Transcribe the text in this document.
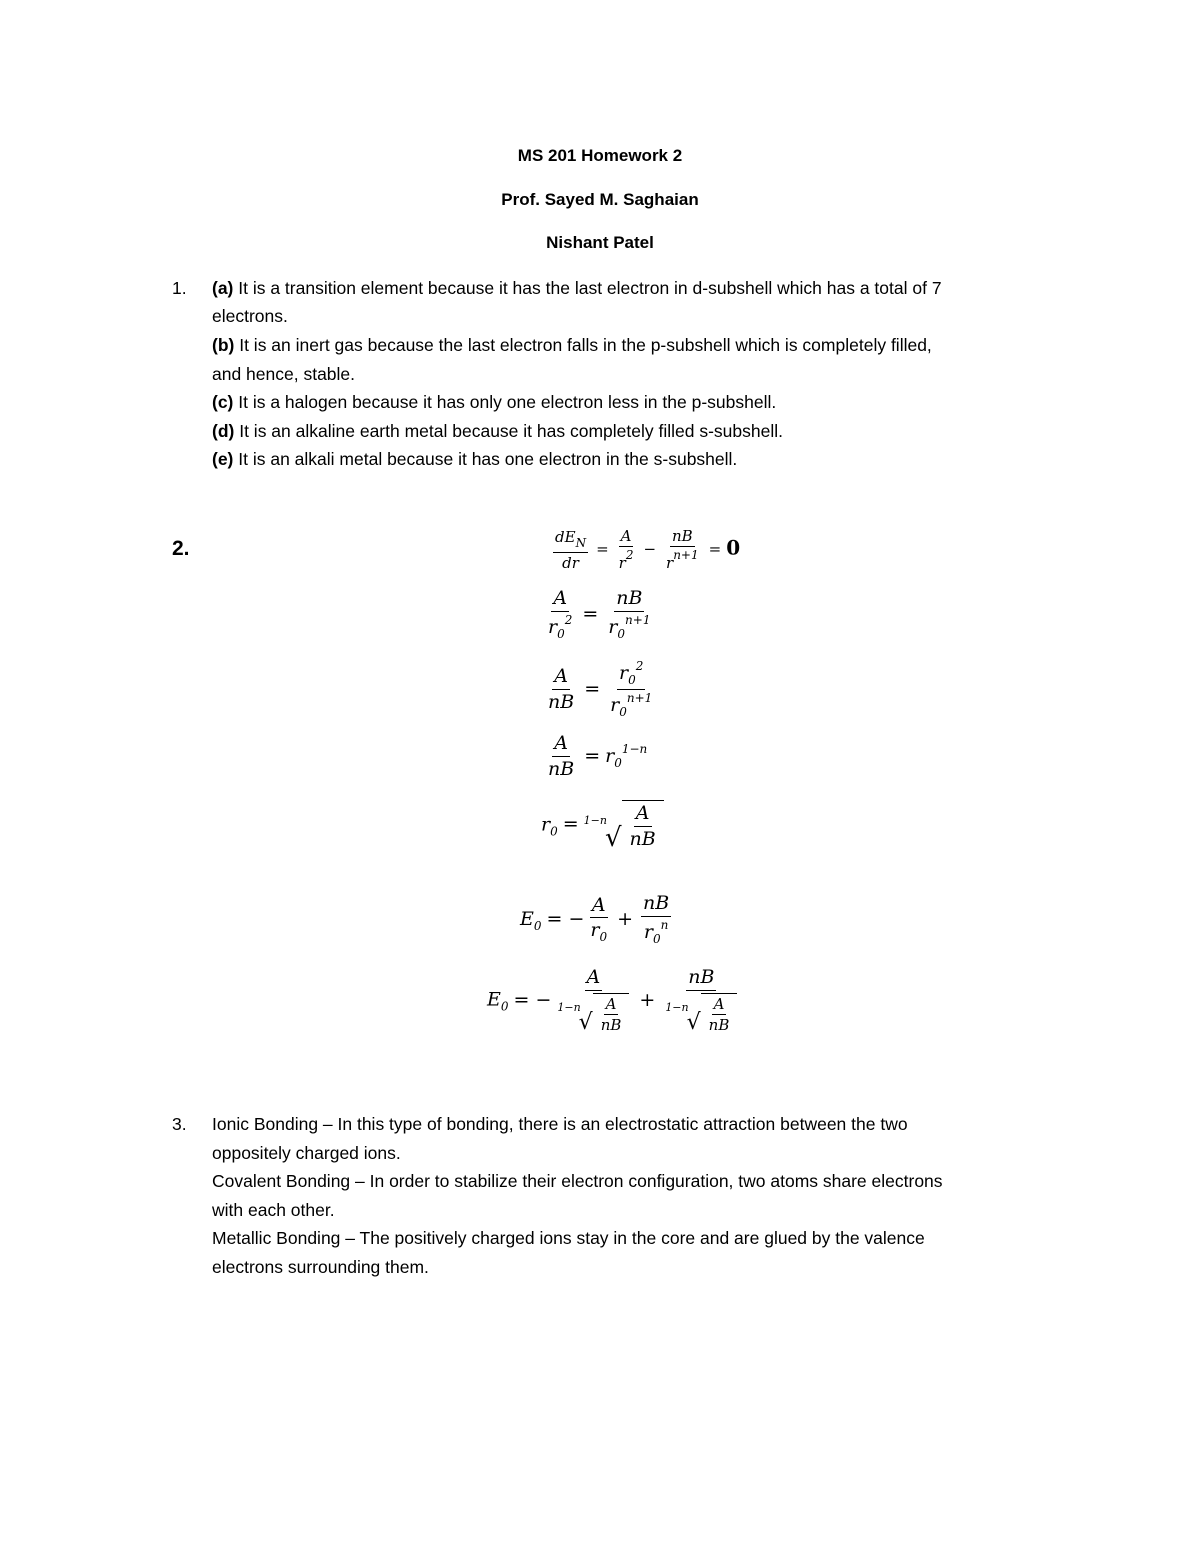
MS 201 Homework 2
Prof. Sayed M. Saghaian
Nishant Patel
1. (a) It is a transition element because it has the last electron in d-subshell which has a total of 7
electrons.
(b) It is an inert gas because the last electron falls in the p-subshell which is completely filled,
and hence, stable.
(c) It is a halogen because it has only one electron less in the p-subshell.
(d) It is an alkaline earth metal because it has completely filled s-subshell.
(e) It is an alkali metal because it has one electron in the s-subshell.
2.	$\frac{dE_N}{dr} = \frac{A}{r^2} - \frac{nB}{r^{n+1}} = 0$
$\frac{A}{r_0^2} = \frac{nB}{r_0^{n+1}}$
$\frac{A}{nB} = \frac{r_0^2}{r_0^{n+1}}$
$\frac{A}{nB} = r_0^{1-n}$
$r_0 = 1-n$
√ $\frac{A}{nB}$
$E_0$ = − $\frac{A}{r_0} + \frac{nB}{r_0^n}$
$E_0$ = − A
1−n
√ $\frac{A}{nB}$ + nB
1−n
√ $\frac{A}{nB}$
3. Ionic Bonding – In this type of bonding, there is an electrostatic attraction between the two
oppositely charged ions.
Covalent Bonding – In order to stabilize their electron configuration, two atoms share electrons
with each other.
Metallic Bonding – The positively charged ions stay in the core and are glued by the valence
electrons surrounding them.
